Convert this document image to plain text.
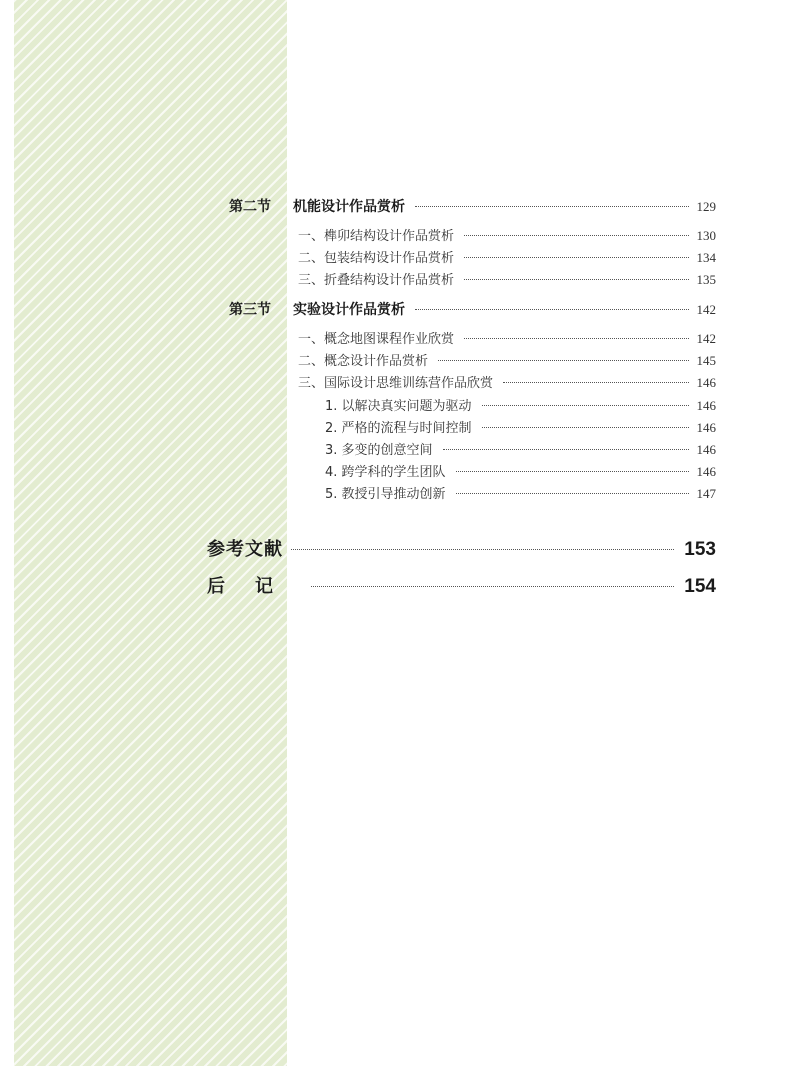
第二节 机能设计作品赏析	129
一、榫卯结构设计作品赏析	130
二、包装结构设计作品赏析	134
三、折叠结构设计作品赏析	135
第三节 实验设计作品赏析	142
一、概念地图课程作业欣赏	142
二、概念设计作品赏析	145
三、国际设计思维训练营作品欣赏	146
1. 以解决真实问题为驱动	146
2. 严格的流程与时间控制	146
3. 多变的创意空间	146
4. 跨学科的学生团队	146
5. 教授引导推动创新	147
参考文献	153
后记	154
